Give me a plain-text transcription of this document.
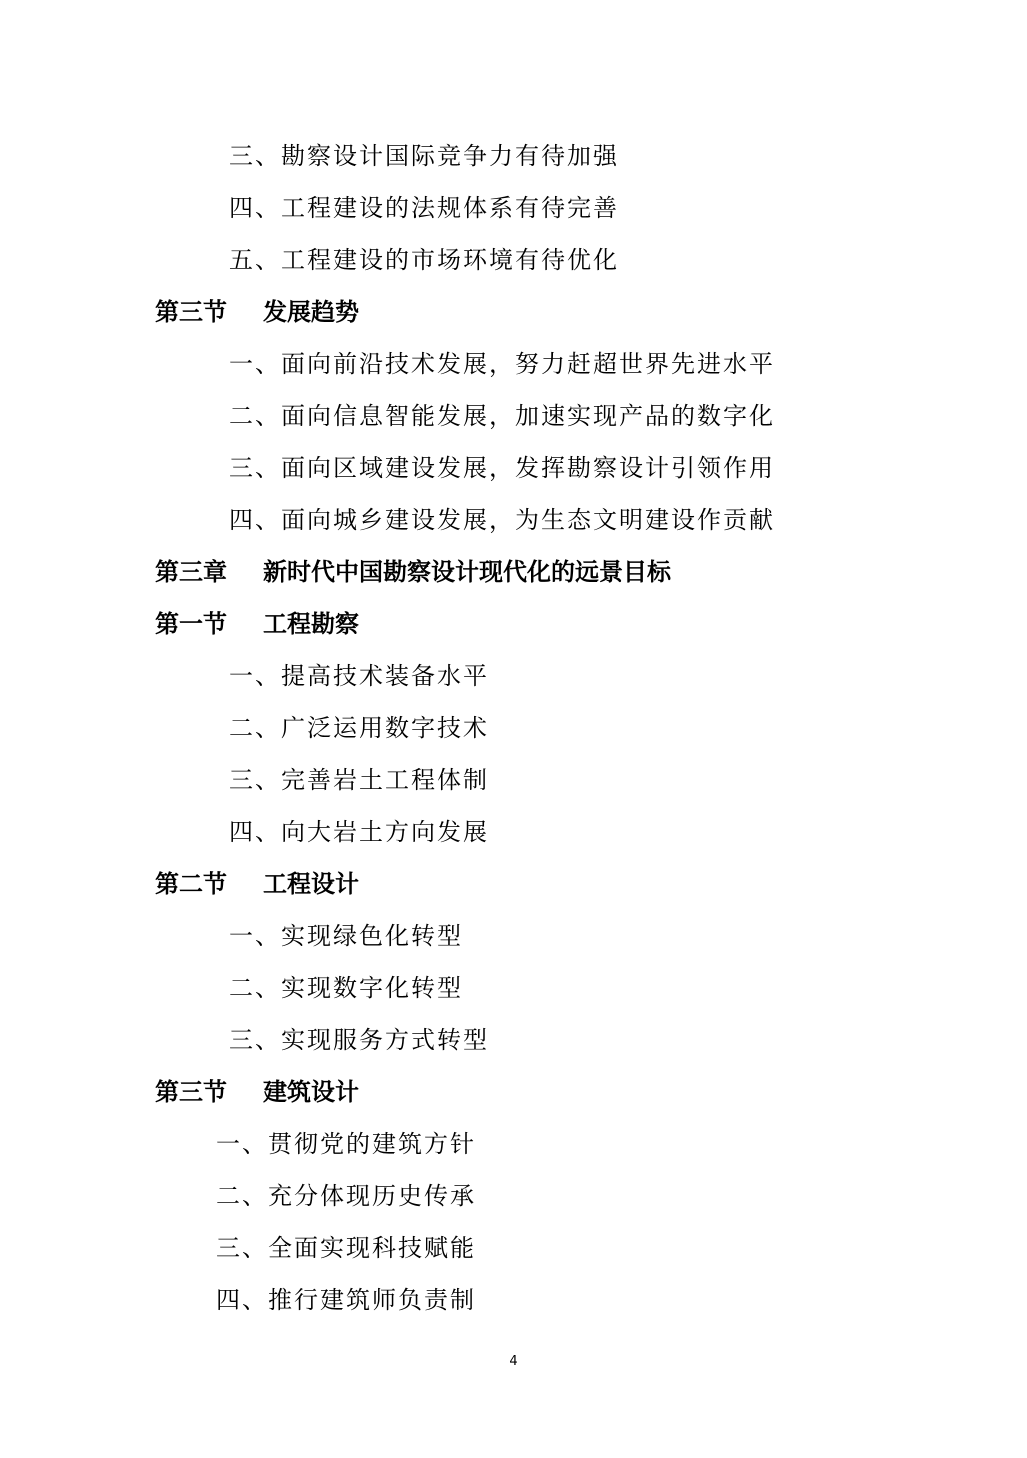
三、勘察设计国际竞争力有待加强
四、工程建设的法规体系有待完善
五、工程建设的市场环境有待优化
第三节	发展趋势
一、面向前沿技术发展，努力赶超世界先进水平
二、面向信息智能发展，加速实现产品的数字化
三、面向区域建设发展，发挥勘察设计引领作用
四、面向城乡建设发展，为生态文明建设作贡献
第三章	新时代中国勘察设计现代化的远景目标
第一节	工程勘察
一、提高技术装备水平
二、广泛运用数字技术
三、完善岩土工程体制
四、向大岩土方向发展
第二节	工程设计
一、实现绿色化转型
二、实现数字化转型
三、实现服务方式转型
第三节	建筑设计
一、贯彻党的建筑方针
二、充分体现历史传承
三、全面实现科技赋能
四、推行建筑师负责制
4
